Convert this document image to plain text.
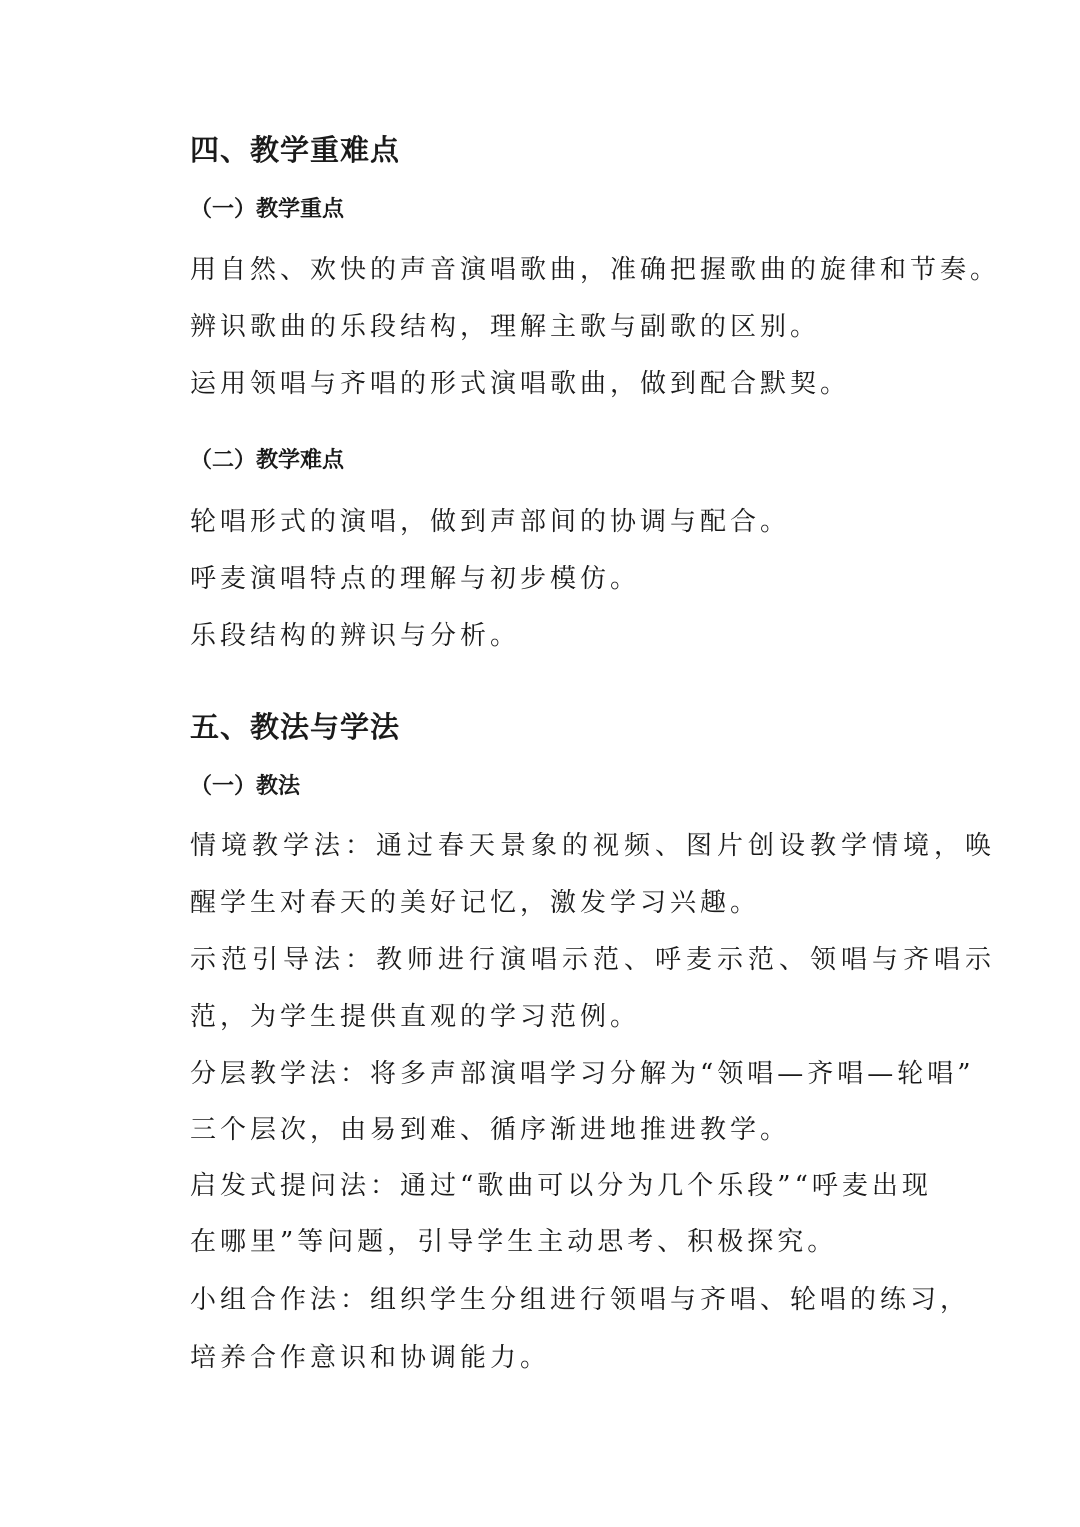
四、教学重难点
（一）教学重点
用自然、欢快的声音演唱歌曲，准确把握歌曲的旋律和节奏。
辨识歌曲的乐段结构，理解主歌与副歌的区别。
运用领唱与齐唱的形式演唱歌曲，做到配合默契。
（二）教学难点
轮唱形式的演唱，做到声部间的协调与配合。
呼麦演唱特点的理解与初步模仿。
乐段结构的辨识与分析。
五、教法与学法
（一）教法
情境教学法：通过春天景象的视频、图片创设教学情境，唤
醒学生对春天的美好记忆，激发学习兴趣。
示范引导法：教师进行演唱示范、呼麦示范、领唱与齐唱示
范，为学生提供直观的学习范例。
分层教学法：将多声部演唱学习分解为“领唱—齐唱—轮唱”
三个层次，由易到难、循序渐进地推进教学。
启发式提问法：通过“歌曲可以分为几个乐段”“呼麦出现
在哪里”等问题，引导学生主动思考、积极探究。
小组合作法：组织学生分组进行领唱与齐唱、轮唱的练习，
培养合作意识和协调能力。
